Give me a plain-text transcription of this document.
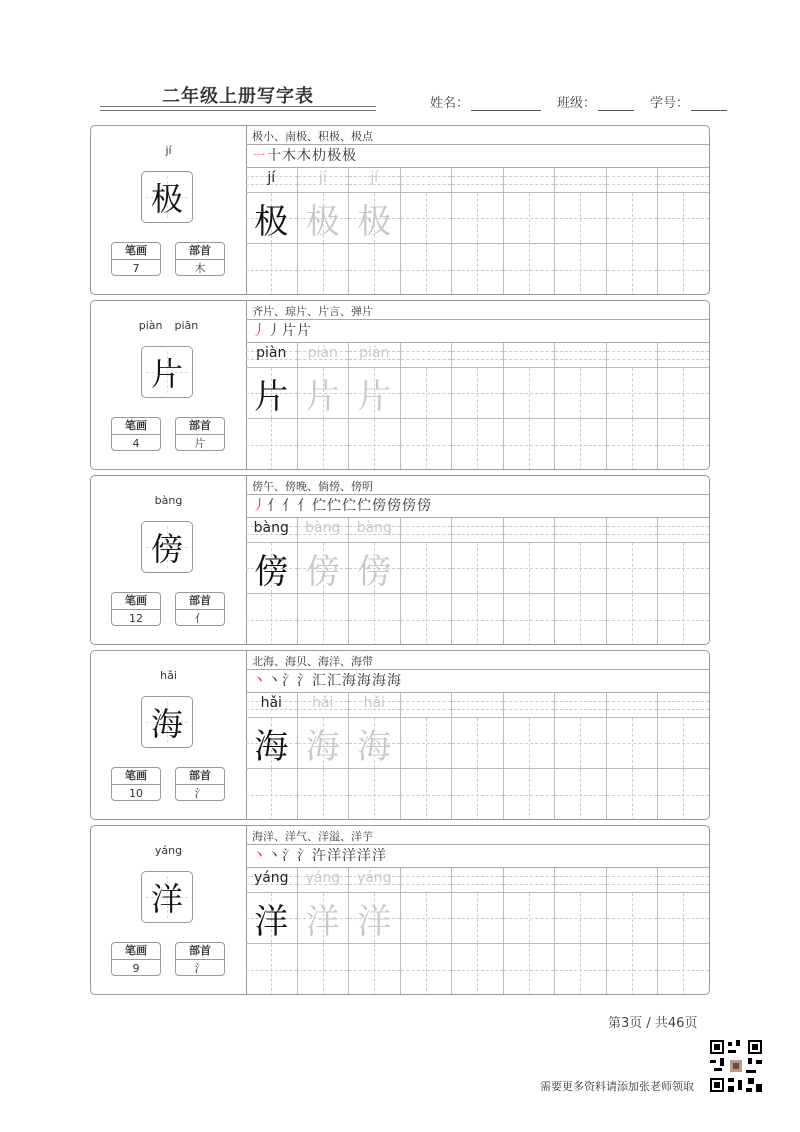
二年级上册写字表	姓名：	班级：	学号：
jí
极
笔画
7
部首
木
极小、南极、积极、极点
㇐十木木朸极极
jí
极
jí
极
jí
极
piàn piān
片
笔画
4
部首
片
齐片、琼片、片言、弹片
丿丿片片
piàn
片
piàn
片
piàn
片
bàng
傍
笔画
12
部首
亻
傍午、傍晚、倘傍、傍明
丿亻亻亻伫伫伫伫傍傍傍傍
bàng
傍
bàng
傍
bàng
傍
hǎi
海
笔画
10
部首
氵
北海、海贝、海洋、海带
丶丶氵氵汇汇海海海海
hǎi
海
hǎi
海
hǎi
海
yáng
洋
笔画
9
部首
氵
海洋、洋气、洋溢、洋芋
丶丶氵氵汻洋洋洋洋
yáng
洋
yáng
洋
yáng
洋
第3页 / 共46页
需要更多资料请添加张老师领取
